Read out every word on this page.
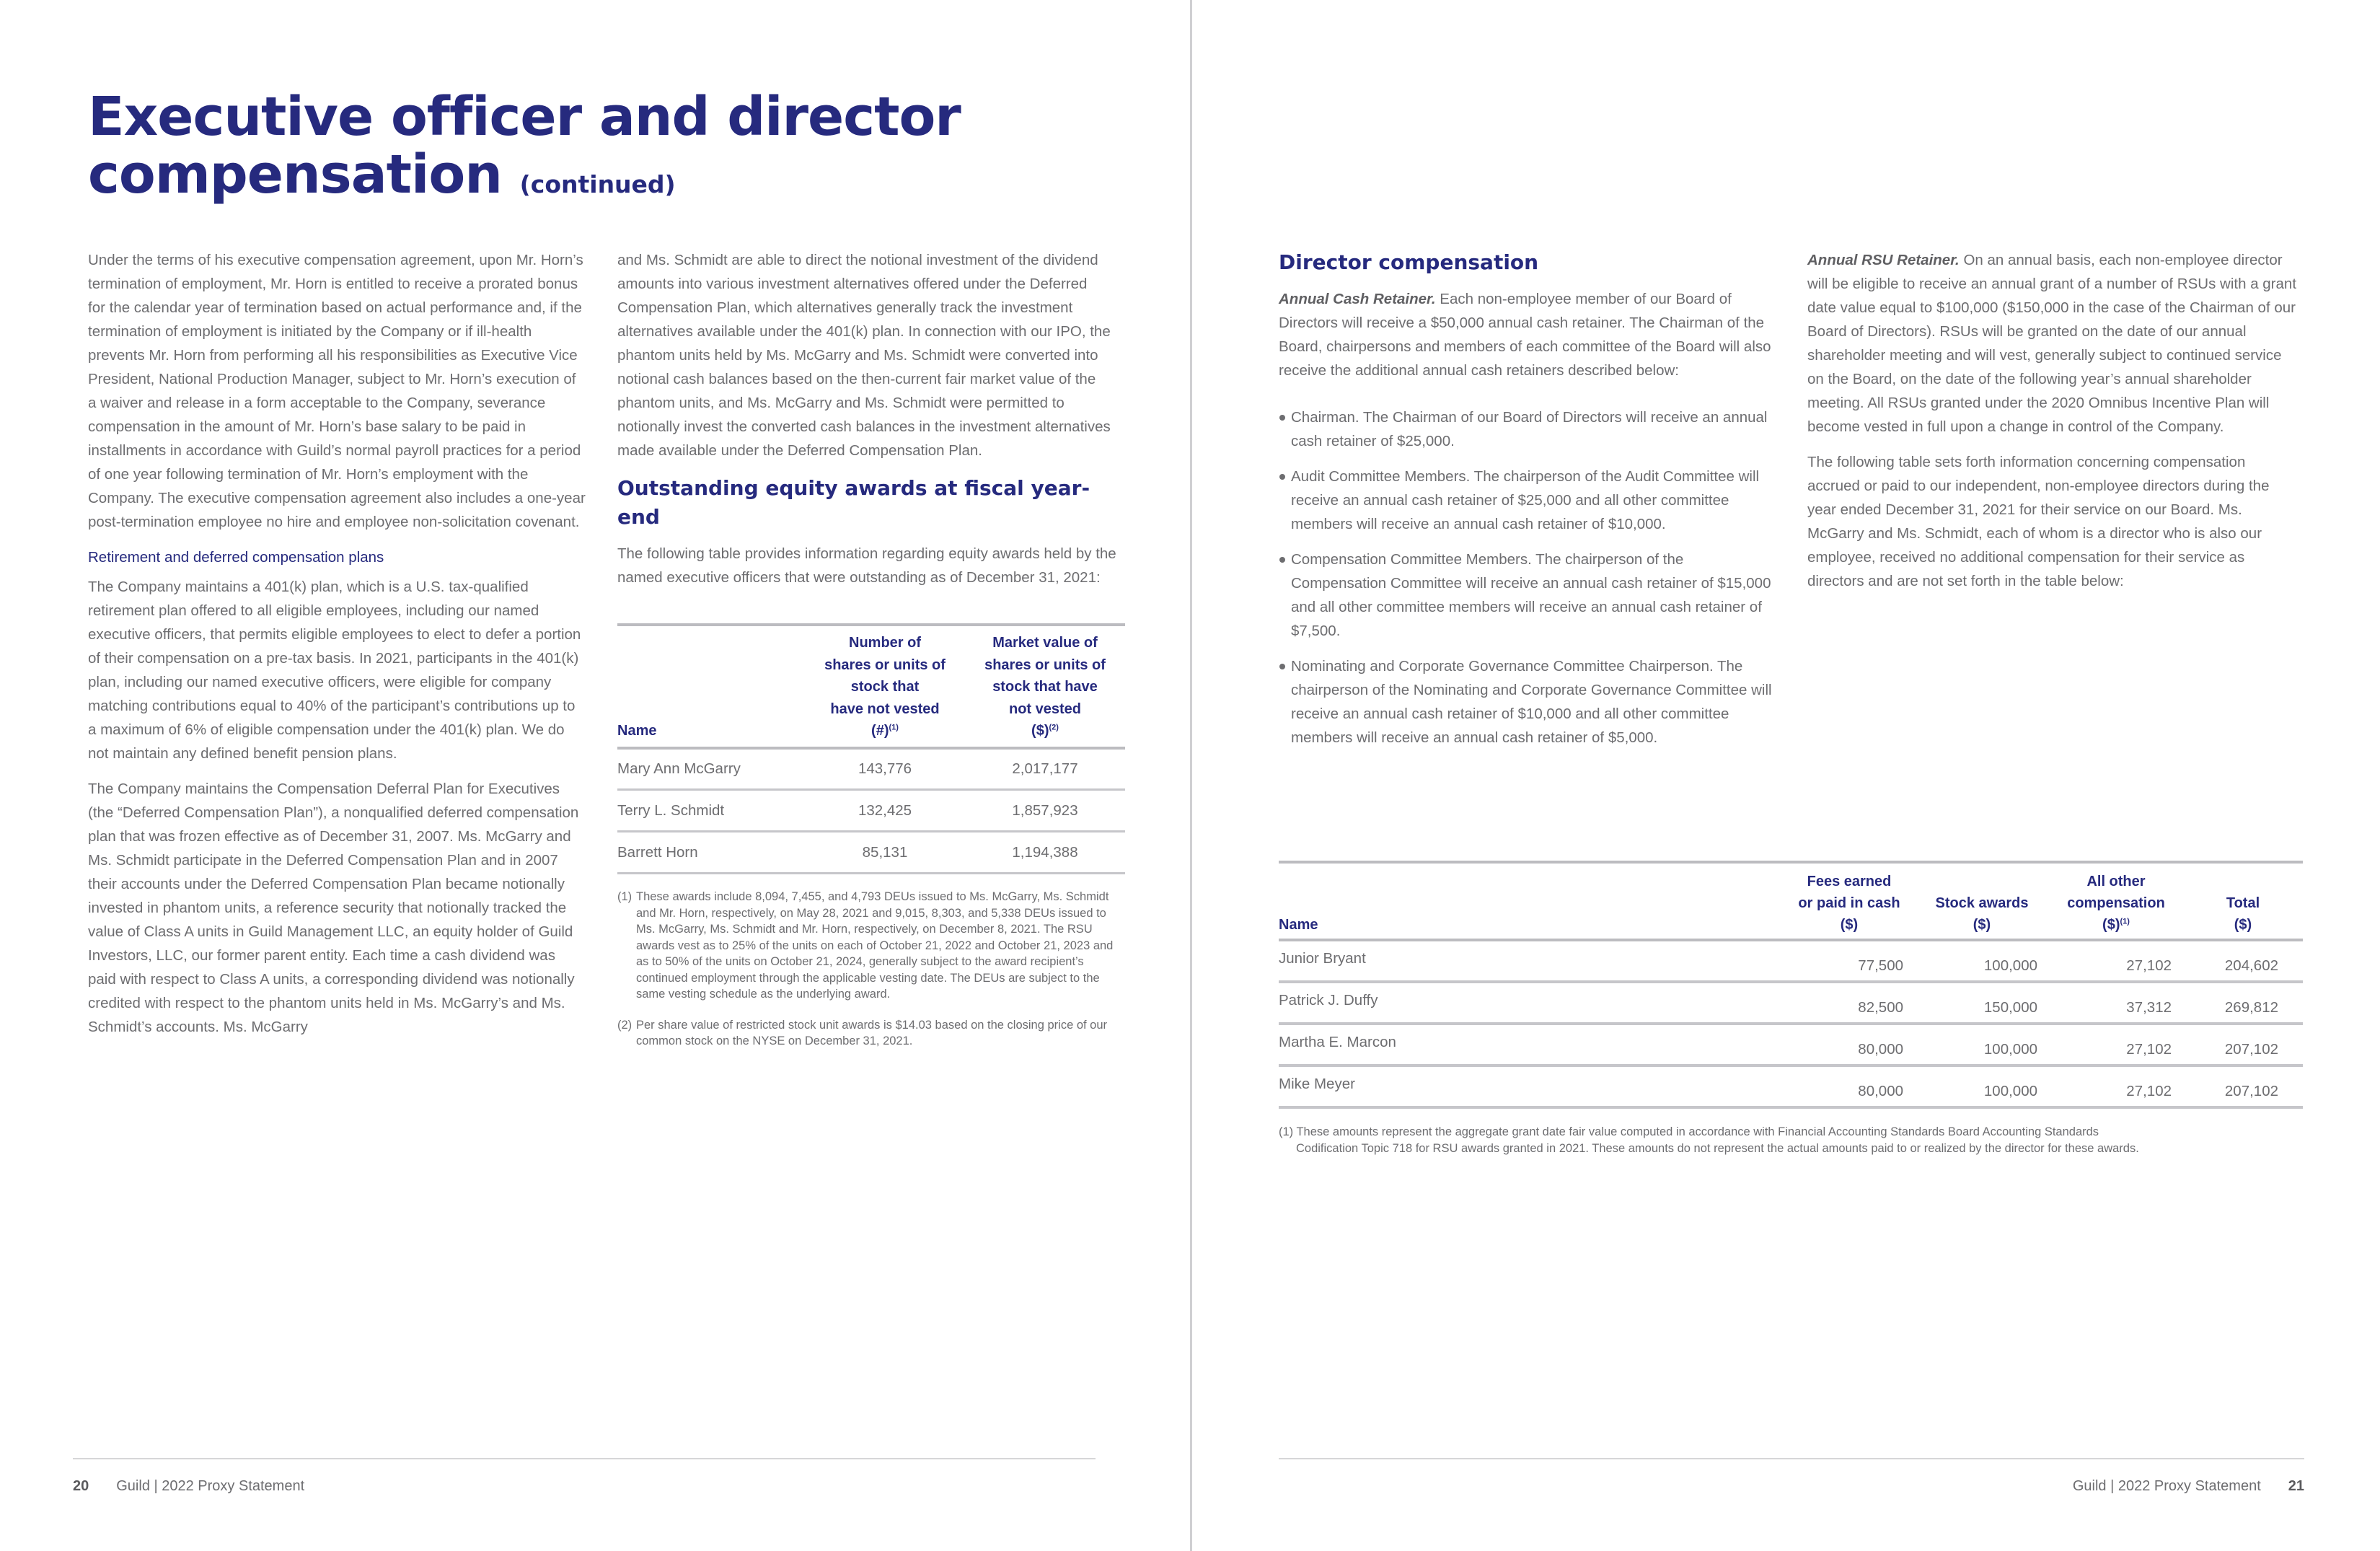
Executive officer and director
compensation (continued)

Under the terms of his executive compensation agreement, upon Mr. Horn’s termination of employment, Mr. Horn is entitled to receive a prorated bonus for the calendar year of termination based on actual performance and, if the termination of employment is initiated by the Company or if ill-health prevents Mr. Horn from performing all his responsibilities as Executive Vice President, National Production Manager, subject to Mr. Horn’s execution of a waiver and release in a form acceptable to the Company, severance compensation in the amount of Mr. Horn’s base salary to be paid in installments in accordance with Guild’s normal payroll practices for a period of one year following termination of Mr. Horn’s employment with the Company. The executive compensation agreement also includes a one-year post-termination employee no hire and employee non-solicitation covenant.

Retirement and deferred compensation plans

The Company maintains a 401(k) plan, which is a U.S. tax-qualified retirement plan offered to all eligible employees, including our named executive officers, that permits eligible employees to elect to defer a portion of their compensation on a pre-tax basis. In 2021, participants in the 401(k) plan, including our named executive officers, were eligible for company matching contributions equal to 40% of the participant’s contributions up to a maximum of 6% of eligible compensation under the 401(k) plan. We do not maintain any defined benefit pension plans.

The Company maintains the Compensation Deferral Plan for Executives (the “Deferred Compensation Plan”), a nonqualified deferred compensation plan that was frozen effective as of December 31, 2007. Ms. McGarry and Ms. Schmidt participate in the Deferred Compensation Plan and in 2007 their accounts under the Deferred Compensation Plan became notionally invested in phantom units, a reference security that notionally tracked the value of Class A units in Guild Management LLC, an equity holder of Guild Investors, LLC, our former parent entity. Each time a cash dividend was paid with respect to Class A units, a corresponding dividend was notionally credited with respect to the phantom units held in Ms. McGarry’s and Ms. Schmidt’s accounts. Ms. McGarry

and Ms. Schmidt are able to direct the notional investment of the dividend amounts into various investment alternatives offered under the Deferred Compensation Plan, which alternatives generally track the investment alternatives available under the 401(k) plan. In connection with our IPO, the phantom units held by Ms. McGarry and Ms. Schmidt were converted into notional cash balances based on the then-current fair market value of the phantom units, and Ms. McGarry and Ms. Schmidt were permitted to notionally invest the converted cash balances in the investment alternatives made available under the Deferred Compensation Plan.

Outstanding equity awards at fiscal year-end

The following table provides information regarding equity awards held by the named executive officers that were outstanding as of December 31, 2021:

Name	Number of
shares or units of
stock that
have not vested
(#)$^{(1)}$	Market value of
shares or units of
stock that have
not vested
($)$^{(2)}$
Mary Ann McGarry	143,776	2,017,177
Terry L. Schmidt	132,425	1,857,923
Barrett Horn	85,131	1,194,388
(1) These awards include 8,094, 7,455, and 4,793 DEUs issued to Ms. McGarry, Ms. Schmidt and Mr. Horn, respectively, on May 28, 2021 and 9,015, 8,303, and 5,338 DEUs issued to Ms. McGarry, Ms. Schmidt and Mr. Horn, respectively, on December 8, 2021. The RSU awards vest as to 25% of the units on each of October 21, 2022 and October 21, 2023 and as to 50% of the units on October 21, 2024, generally subject to the award recipient’s continued employment through the applicable vesting date. The DEUs are subject to the same vesting schedule as the underlying award.
(2) Per share value of restricted stock unit awards is $14.03 based on the closing price of our common stock on the NYSE on December 31, 2021.
20 Guild | 2022 Proxy Statement
Director compensation

Annual Cash Retainer. Each non-employee member of our Board of Directors will receive a $50,000 annual cash retainer. The Chairman of the Board, chairpersons and members of each committee of the Board will also receive the additional annual cash retainers described below:

Chairman. The Chairman of our Board of Directors will receive an annual cash retainer of $25,000.
Audit Committee Members. The chairperson of the Audit Committee will receive an annual cash retainer of $25,000 and all other committee members will receive an annual cash retainer of $10,000.
Compensation Committee Members. The chairperson of the Compensation Committee will receive an annual cash retainer of $15,000 and all other committee members will receive an annual cash retainer of $7,500.
Nominating and Corporate Governance Committee Chairperson. The chairperson of the Nominating and Corporate Governance Committee will receive an annual cash retainer of $10,000 and all other committee members will receive an annual cash retainer of $5,000.

Annual RSU Retainer. On an annual basis, each non-employee director will be eligible to receive an annual grant of a number of RSUs with a grant date value equal to $100,000 ($150,000 in the case of the Chairman of our Board of Directors). RSUs will be granted on the date of our annual shareholder meeting and will vest, generally subject to continued service on the Board, on the date of the following year’s annual shareholder meeting. All RSUs granted under the 2020 Omnibus Incentive Plan will become vested in full upon a change in control of the Company.

The following table sets forth information concerning compensation accrued or paid to our independent, non-employee directors during the year ended December 31, 2021 for their service on our Board. Ms. McGarry and Ms. Schmidt, each of whom is a director who is also our employee, received no additional compensation for their service as directors and are not set forth in the table below:

Name	Fees earned
or paid in cash
($)	Stock awards
($)	All other
compensation
($)$^{(1)}$	Total
($)
Junior Bryant	77,500	100,000	27,102	204,602
Patrick J. Duffy	82,500	150,000	37,312	269,812
Martha E. Marcon	80,000	100,000	27,102	207,102
Mike Meyer	80,000	100,000	27,102	207,102
(1) These amounts represent the aggregate grant date fair value computed in accordance with Financial Accounting Standards Board Accounting Standards
Codification Topic 718 for RSU awards granted in 2021. These amounts do not represent the actual amounts paid to or realized by the director for these awards.
Guild | 2022 Proxy Statement 21
